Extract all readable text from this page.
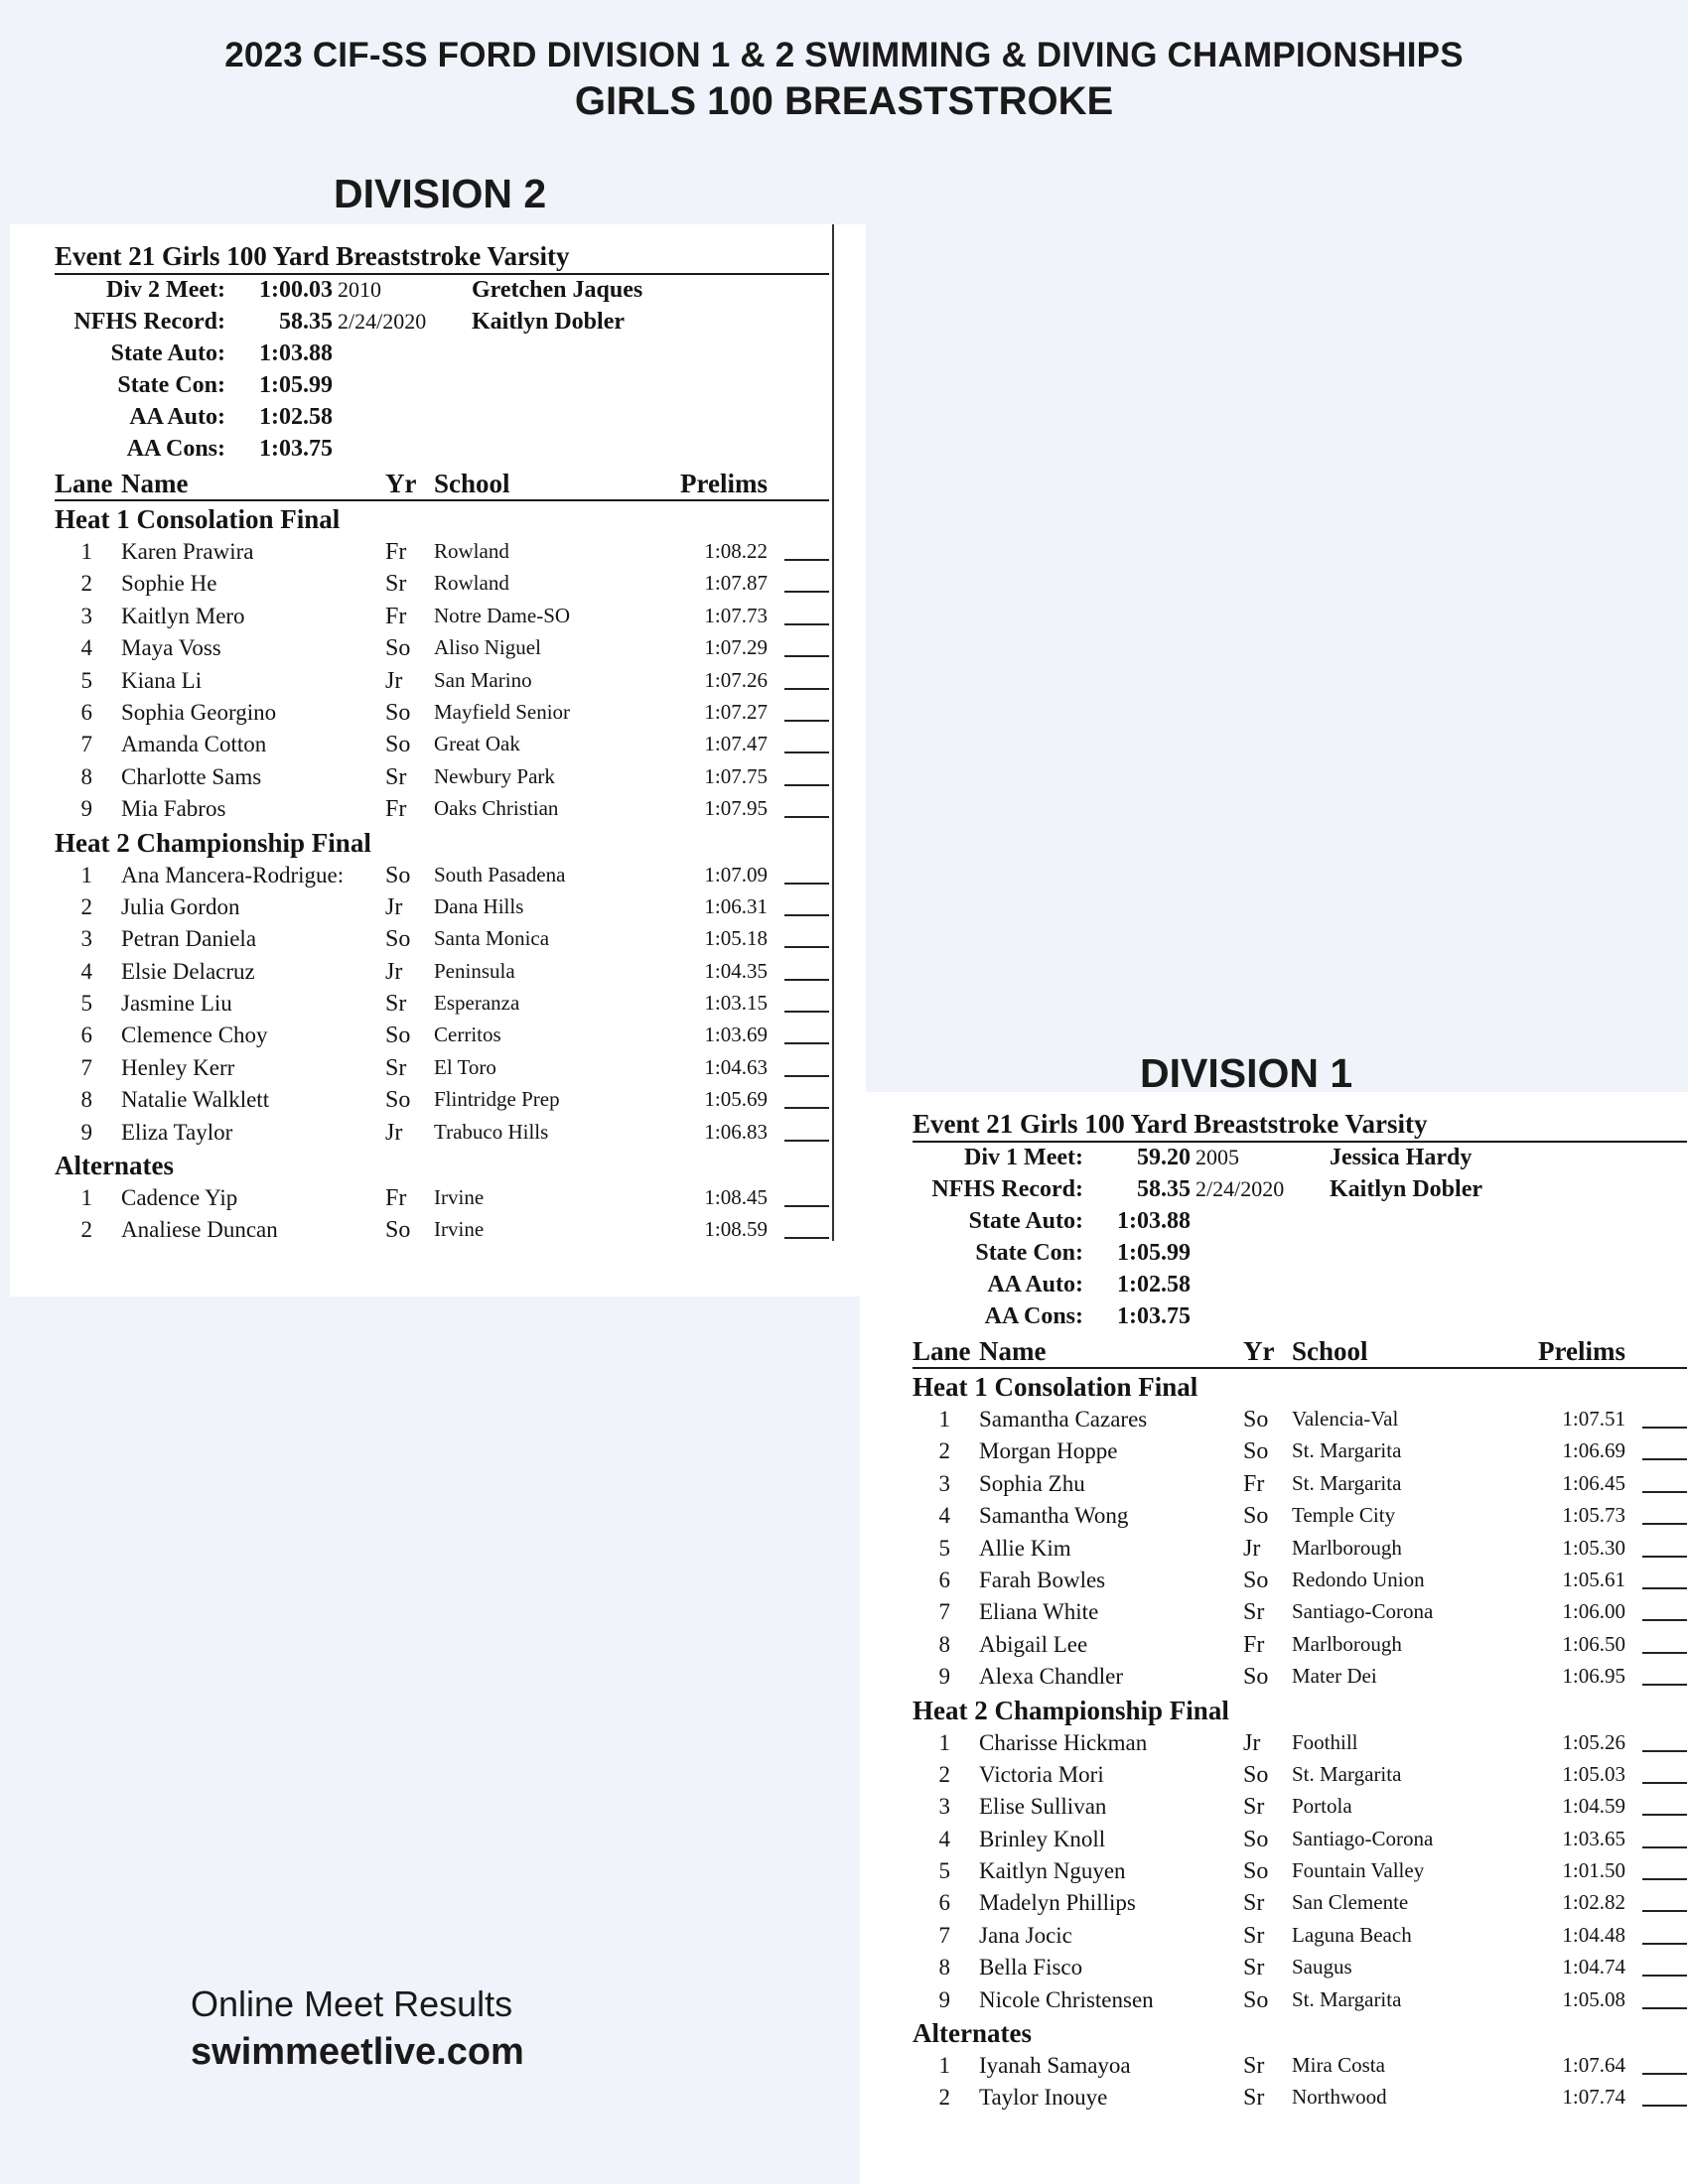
2023 CIF-SS FORD DIVISION 1 & 2 SWIMMING & DIVING CHAMPIONSHIPS
GIRLS 100 BREASTSTROKE
Event 21 Girls 100 Yard Breaststroke Varsity
Div 2 Meet: 1:00.03 2010	Gretchen Jaques
NFHS Record: 58.35 2/24/2020 Kaitlyn Dobler
State Auto: 1:03.88
State Con: 1:05.99
AA Auto: 1:02.58
AA Cons: 1:03.75
Lane Name	Yr School	Prelims
Heat 1 Consolation Final
1 Karen Prawira	Fr Rowland	1:08.22
2 Sophie He	Sr Rowland	1:07.87
3 Kaitlyn Mero	Fr Notre Dame-SO	1:07.73
4 Maya Voss	So Aliso Niguel	1:07.29
5 Kiana Li	Jr San Marino	1:07.26
6 Sophia Georgino	So Mayfield Senior	1:07.27
7 Amanda Cotton	So Great Oak	1:07.47
8 Charlotte Sams	Sr Newbury Park	1:07.75
9 Mia Fabros	Fr Oaks Christian	1:07.95
Heat 2 Championship Final
1 Ana Mancera-Rodrigue: So South Pasadena	1:07.09
2 Julia Gordon	Jr Dana Hills	1:06.31
3 Petran Daniela	So Santa Monica	1:05.18
4 Elsie Delacruz	Jr Peninsula	1:04.35
5 Jasmine Liu	Sr Esperanza	1:03.15
6 Clemence Choy	So Cerritos	1:03.69
7 Henley Kerr	Sr El Toro	1:04.63
8 Natalie Walklett	So Flintridge Prep	1:05.69
9 Eliza Taylor	Jr Trabuco Hills	1:06.83
Alternates
1 Cadence Yip	Fr Irvine	1:08.45
2 Analiese Duncan	So Irvine	1:08.59
DIVISION 2
Event 21 Girls 100 Yard Breaststroke Varsity
Div 1 Meet: 59.20 2005	Jessica Hardy
NFHS Record: 58.35 2/24/2020 Kaitlyn Dobler
State Auto: 1:03.88
State Con: 1:05.99
AA Auto: 1:02.58
AA Cons: 1:03.75
Lane Name	Yr School	Prelims
Heat 1 Consolation Final
1 Samantha Cazares	So Valencia-Val	1:07.51
2 Morgan Hoppe	So St. Margarita	1:06.69
3 Sophia Zhu	Fr St. Margarita	1:06.45
4 Samantha Wong	So Temple City	1:05.73
5 Allie Kim	Jr Marlborough	1:05.30
6 Farah Bowles	So Redondo Union	1:05.61
7 Eliana White	Sr Santiago-Corona	1:06.00
8 Abigail Lee	Fr Marlborough	1:06.50
9 Alexa Chandler	So Mater Dei	1:06.95
Heat 2 Championship Final
1 Charisse Hickman	Jr Foothill	1:05.26
2 Victoria Mori	So St. Margarita	1:05.03
3 Elise Sullivan	Sr Portola	1:04.59
4 Brinley Knoll	So Santiago-Corona	1:03.65
5 Kaitlyn Nguyen	So Fountain Valley	1:01.50
6 Madelyn Phillips	Sr San Clemente	1:02.82
7 Jana Jocic	Sr Laguna Beach	1:04.48
8 Bella Fisco	Sr Saugus	1:04.74
9 Nicole Christensen	So St. Margarita	1:05.08
Alternates
1 Iyanah Samayoa	Sr Mira Costa	1:07.64
2 Taylor Inouye	Sr Northwood	1:07.74
DIVISION 1
Online Meet Results
swimmeetlive.com
